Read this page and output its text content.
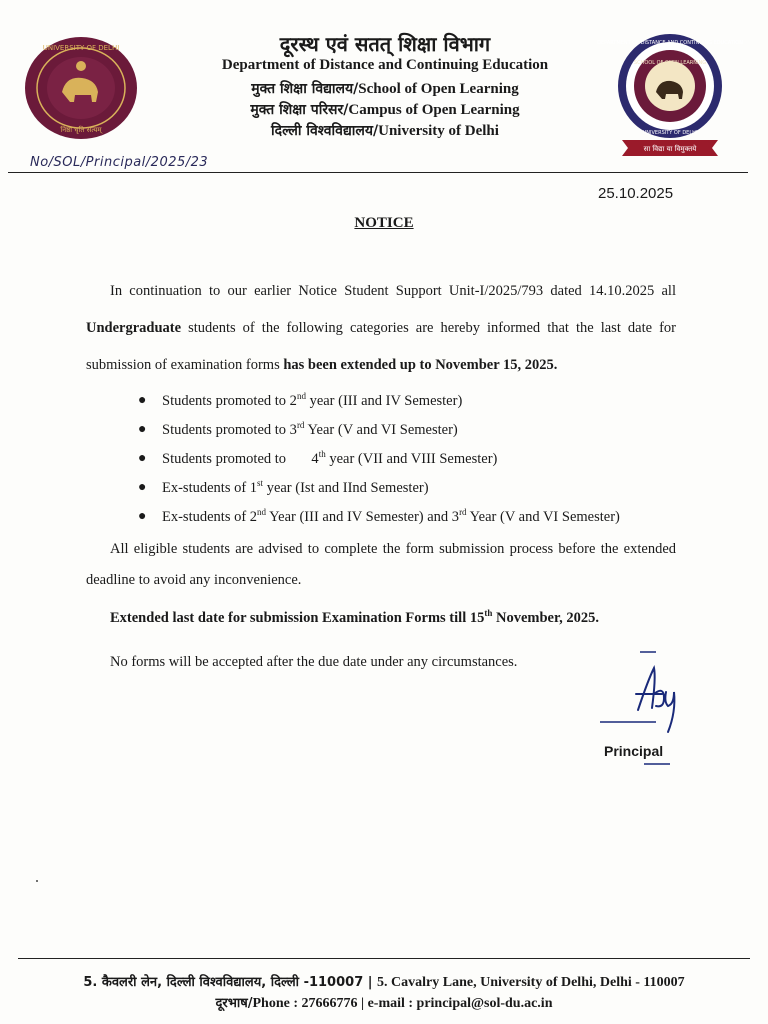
UNIVERSITY OF DELHI
निष्ठा धृति सत्यम्
दूरस्थ एवं सतत् शिक्षा विभाग
Department of Distance and Continuing Education
मुक्त शिक्षा विद्यालय/School of Open Learning
मुक्त शिक्षा परिसर/Campus of Open Learning
दिल्ली विश्वविद्यालय/University of Delhi
DEPARTMENT OF DISTANCE AND CONTINUING EDUCATION
SCHOOL OF OPEN LEARNING
UNIVERSITY OF DELHI
सा विद्या या विमुक्तये
No/SOL/Principal/2025/23
25.10.2025
NOTICE
In continuation to our earlier Notice Student Support Unit-I/2025/793 dated 14.10.2025 all Undergraduate students of the following categories are hereby informed that the last date for submission of examination forms has been extended up to November 15, 2025.
●	Students promoted to 2nd year (III and IV Semester)
●	Students promoted to 3rd Year (V and VI Semester)
●	Students promoted to       4th year (VII and VIII Semester)
●	Ex-students of 1st year (Ist and IInd Semester)
●	Ex-students of 2nd Year (III and IV Semester) and 3rd Year (V and VI Semester)
All eligible students are advised to complete the form submission process before the extended deadline to avoid any inconvenience.
Extended last date for submission Examination Forms till 15th November, 2025.
No forms will be accepted after the due date under any circumstances.
Principal
5. कैवलरी लेन, दिल्ली विश्वविद्यालय, दिल्ली -110007 | 5. Cavalry Lane, University of Delhi, Delhi - 110007
दूरभाष/Phone : 27666776 | e-mail : principal@sol-du.ac.in
